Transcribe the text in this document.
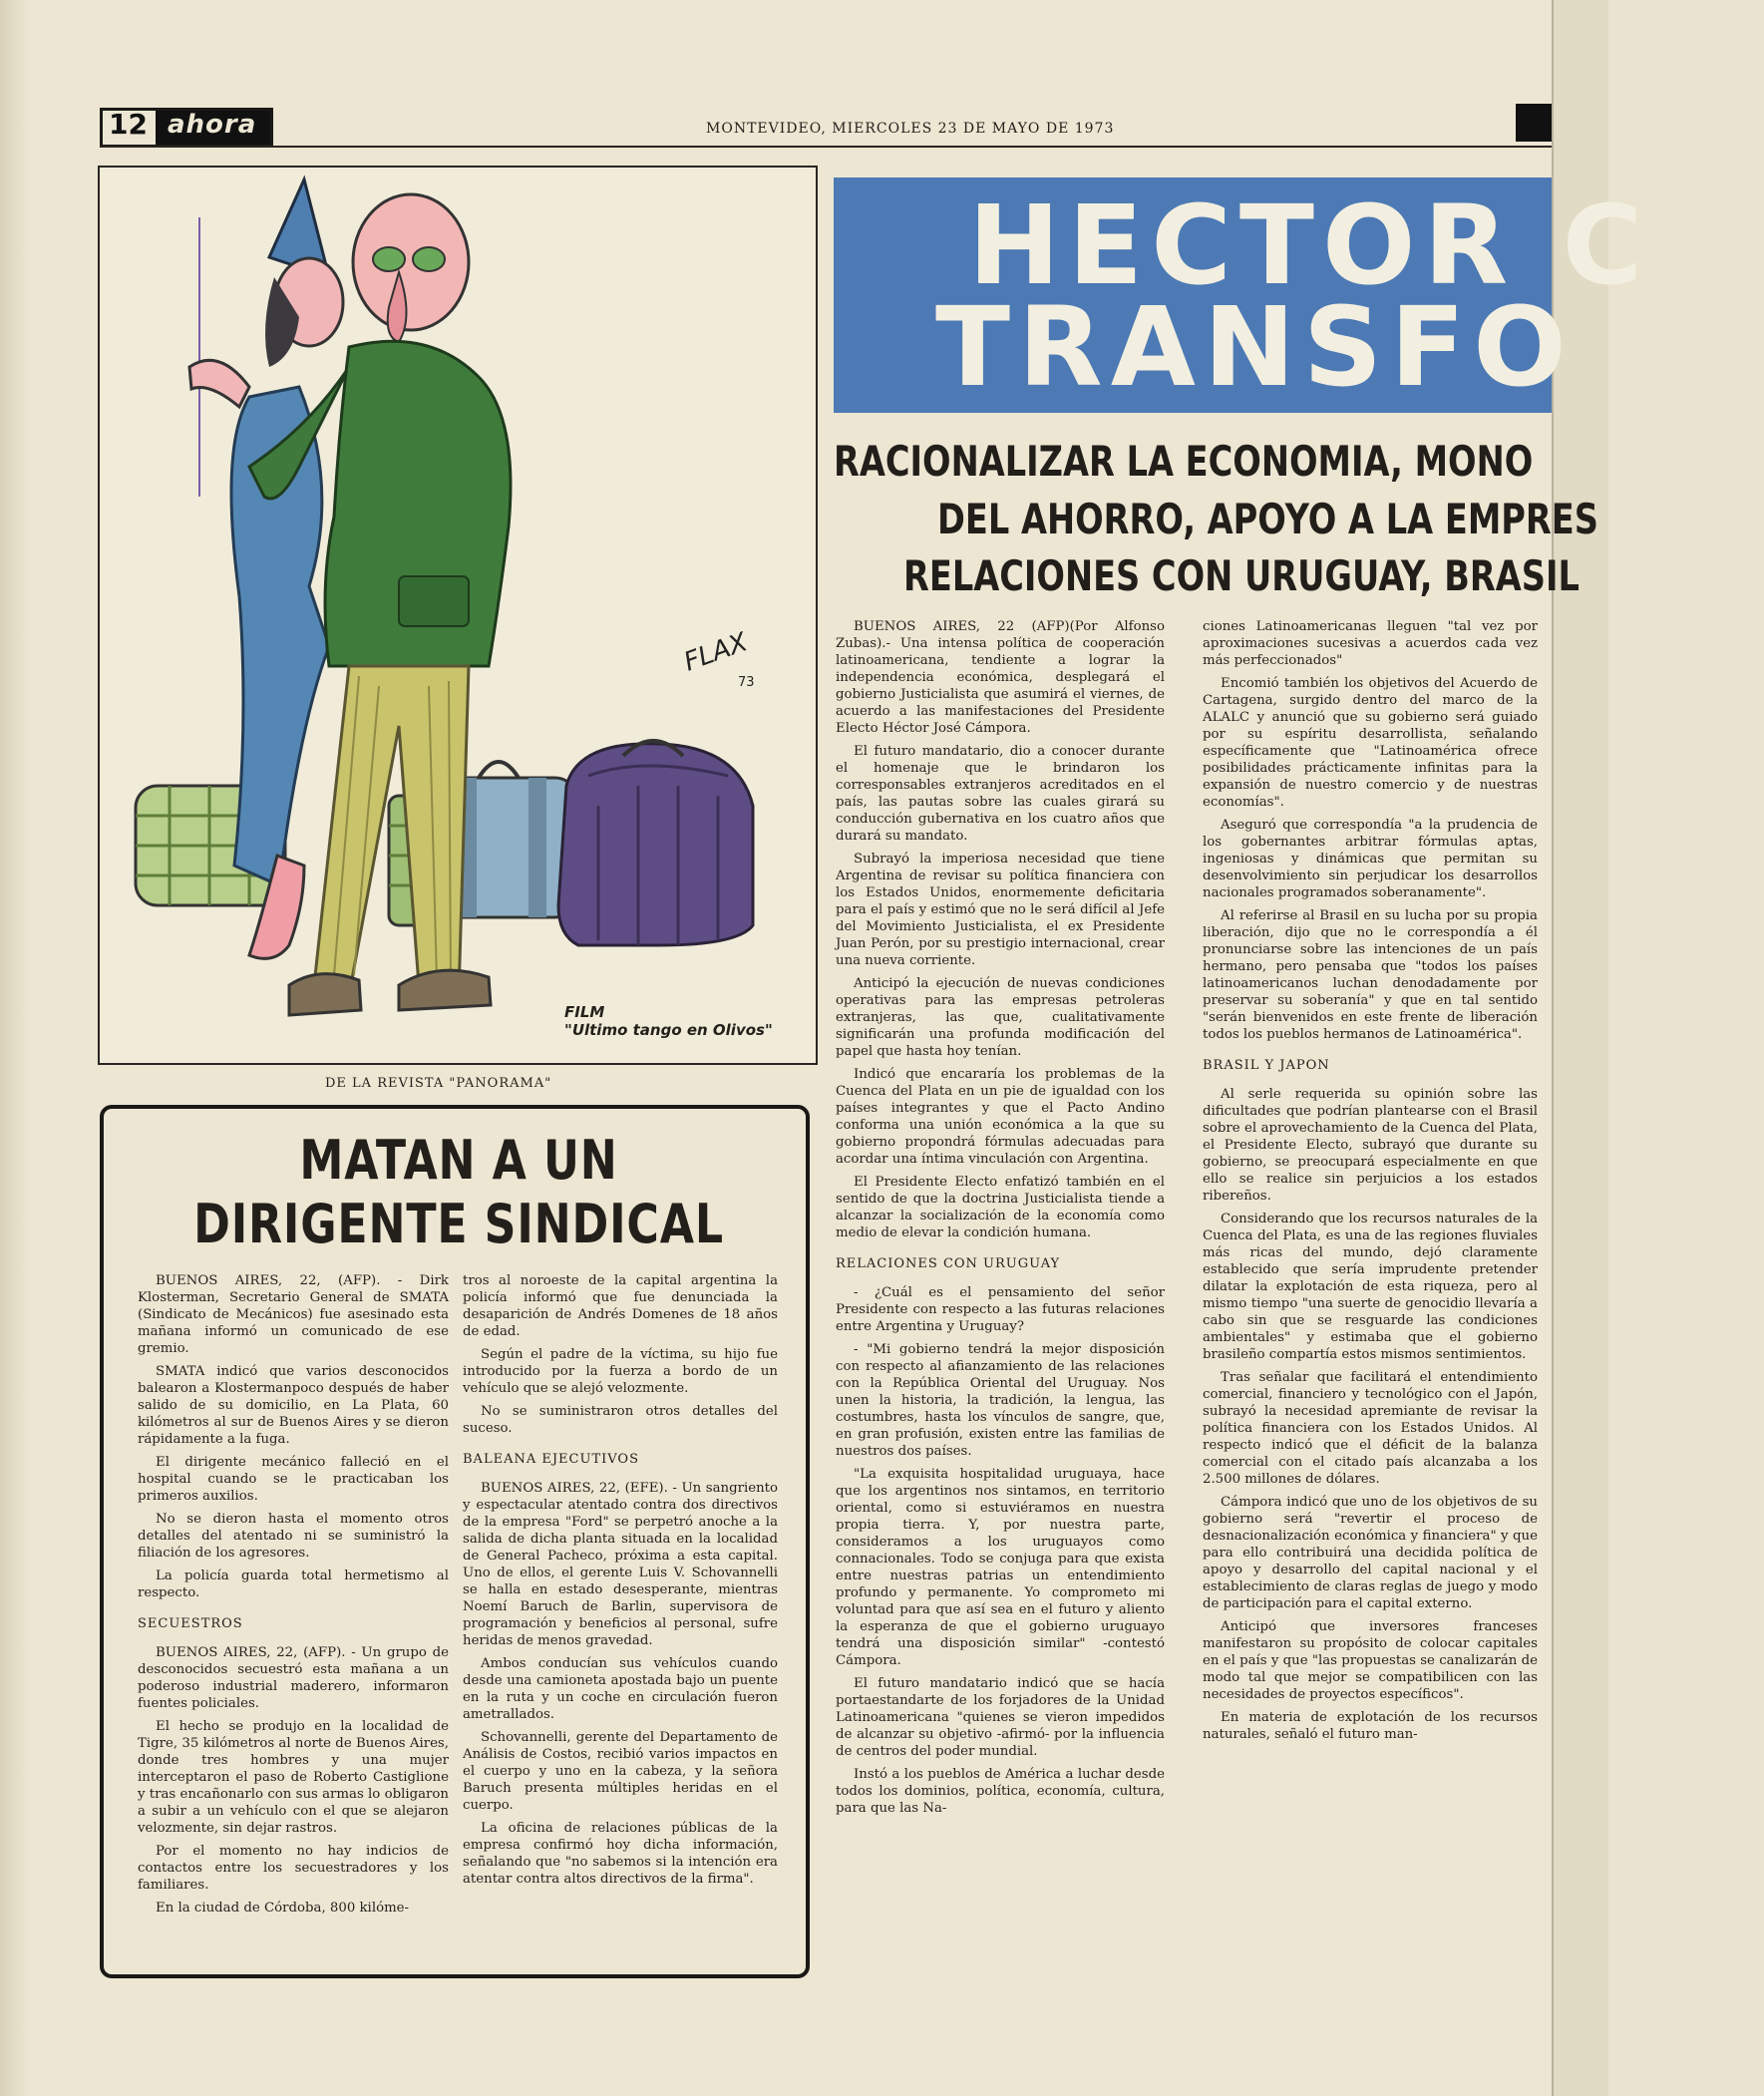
12 ahora	MONTEVIDEO, MIERCOLES 23 DE MAYO DE 1973
FLAX
73
FILM
"Ultimo tango en Olivos"
DE LA REVISTA "PANORAMA"
MATAN A UN
DIRIGENTE SINDICAL

BUENOS AIRES, 22, (AFP). - Dirk Klosterman, Secretario General de SMATA (Sindicato de Mecánicos) fue asesinado esta mañana informó un comunicado de ese gremio.

SMATA indicó que varios desconocidos balearon a Klostermanpoco después de haber salido de su domicilio, en La Plata, 60 kilómetros al sur de Buenos Aires y se dieron rápidamente a la fuga.

El dirigente mecánico falleció en el hospital cuando se le practicaban los primeros auxilios.

No se dieron hasta el momento otros detalles del atentado ni se suministró la filiación de los agresores.

La policía guarda total hermetismo al respecto.

SECUESTROS

BUENOS AIRES, 22, (AFP). - Un grupo de desconocidos secuestró esta mañana a un poderoso industrial maderero, informaron fuentes policiales.

El hecho se produjo en la localidad de Tigre, 35 kilómetros al norte de Buenos Aires, donde tres hombres y una mujer interceptaron el paso de Roberto Castiglione y tras encañonarlo con sus armas lo obligaron a subir a un vehículo con el que se alejaron velozmente, sin dejar rastros.

Por el momento no hay indicios de contactos entre los secuestradores y los familiares.

En la ciudad de Córdoba, 800 kilóme-

tros al noroeste de la capital argentina la policía informó que fue denunciada la desaparición de Andrés Domenes de 18 años de edad.

Según el padre de la víctima, su hijo fue introducido por la fuerza a bordo de un vehículo que se alejó velozmente.

No se suministraron otros detalles del suceso.

BALEANA EJECUTIVOS

BUENOS AIRES, 22, (EFE). - Un sangriento y espectacular atentado contra dos directivos de la empresa "Ford" se perpetró anoche a la salida de dicha planta situada en la localidad de General Pacheco, próxima a esta capital. Uno de ellos, el gerente Luis V. Schovannelli se halla en estado desesperante, mientras Noemí Baruch de Barlin, supervisora de programación y beneficios al personal, sufre heridas de menos gravedad.

Ambos conducían sus vehículos cuando desde una camioneta apostada bajo un puente en la ruta y un coche en circulación fueron ametrallados.

Schovannelli, gerente del Departamento de Análisis de Costos, recibió varios impactos en el cuerpo y uno en la cabeza, y la señora Baruch presenta múltiples heridas en el cuerpo.

La oficina de relaciones públicas de la empresa confirmó hoy dicha información, señalando que "no sabemos si la intención era atentar contra altos directivos de la firma".

HECTOR C
TRANSFO
RACIONALIZAR LA ECONOMIA, MONO
DEL AHORRO, APOYO A LA EMPRES
RELACIONES CON URUGUAY, BRASIL

BUENOS AIRES, 22 (AFP)(Por Alfonso Zubas).- Una intensa política de cooperación latinoamericana, tendiente a lograr la independencia económica, desplegará el gobierno Justicialista que asumirá el viernes, de acuerdo a las manifestaciones del Presidente Electo Héctor José Cámpora.

El futuro mandatario, dio a conocer durante el homenaje que le brindaron los corresponsables extranjeros acreditados en el país, las pautas sobre las cuales girará su conducción gubernativa en los cuatro años que durará su mandato.

Subrayó la imperiosa necesidad que tiene Argentina de revisar su política financiera con los Estados Unidos, enormemente deficitaria para el país y estimó que no le será difícil al Jefe del Movimiento Justicialista, el ex Presidente Juan Perón, por su prestigio internacional, crear una nueva corriente.

Anticipó la ejecución de nuevas condiciones operativas para las empresas petroleras extranjeras, las que, cualitativamente significarán una profunda modificación del papel que hasta hoy tenían.

Indicó que encararía los problemas de la Cuenca del Plata en un pie de igualdad con los países integrantes y que el Pacto Andino conforma una unión económica a la que su gobierno propondrá fórmulas adecuadas para acordar una íntima vinculación con Argentina.

El Presidente Electo enfatizó también en el sentido de que la doctrina Justicialista tiende a alcanzar la socialización de la economía como medio de elevar la condición humana.

RELACIONES CON URUGUAY

- ¿Cuál es el pensamiento del señor Presidente con respecto a las futuras relaciones entre Argentina y Uruguay?

- "Mi gobierno tendrá la mejor disposición con respecto al afianzamiento de las relaciones con la República Oriental del Uruguay. Nos unen la historia, la tradición, la lengua, las costumbres, hasta los vínculos de sangre, que, en gran profusión, existen entre las familias de nuestros dos países.

"La exquisita hospitalidad uruguaya, hace que los argentinos nos sintamos, en territorio oriental, como si estuviéramos en nuestra propia tierra. Y, por nuestra parte, consideramos a los uruguayos como connacionales. Todo se conjuga para que exista entre nuestras patrias un entendimiento profundo y permanente. Yo comprometo mi voluntad para que así sea en el futuro y aliento la esperanza de que el gobierno uruguayo tendrá una disposición similar" -contestó Cámpora.

El futuro mandatario indicó que se hacía portaestandarte de los forjadores de la Unidad Latinoamericana "quienes se vieron impedidos de alcanzar su objetivo -afirmó- por la influencia de centros del poder mundial.

Instó a los pueblos de América a luchar desde todos los dominios, política, economía, cultura, para que las Na-

ciones Latinoamericanas lleguen "tal vez por aproximaciones sucesivas a acuerdos cada vez más perfeccionados"

Encomió también los objetivos del Acuerdo de Cartagena, surgido dentro del marco de la ALALC y anunció que su gobierno será guiado por su espíritu desarrollista, señalando específicamente que "Latinoamérica ofrece posibilidades prácticamente infinitas para la expansión de nuestro comercio y de nuestras economías".

Aseguró que correspondía "a la prudencia de los gobernantes arbitrar fórmulas aptas, ingeniosas y dinámicas que permitan su desenvolvimiento sin perjudicar los desarrollos nacionales programados soberanamente".

Al referirse al Brasil en su lucha por su propia liberación, dijo que no le correspondía a él pronunciarse sobre las intenciones de un país hermano, pero pensaba que "todos los países latinoamericanos luchan denodadamente por preservar su soberanía" y que en tal sentido "serán bienvenidos en este frente de liberación todos los pueblos hermanos de Latinoamérica".

BRASIL Y JAPON

Al serle requerida su opinión sobre las dificultades que podrían plantearse con el Brasil sobre el aprovechamiento de la Cuenca del Plata, el Presidente Electo, subrayó que durante su gobierno, se preocupará especialmente en que ello se realice sin perjuicios a los estados ribereños.

Considerando que los recursos naturales de la Cuenca del Plata, es una de las regiones fluviales más ricas del mundo, dejó claramente establecido que sería imprudente pretender dilatar la explotación de esta riqueza, pero al mismo tiempo "una suerte de genocidio llevaría a cabo sin que se resguarde las condiciones ambientales" y estimaba que el gobierno brasileño compartía estos mismos sentimientos.

Tras señalar que facilitará el entendimiento comercial, financiero y tecnológico con el Japón, subrayó la necesidad apremiante de revisar la política financiera con los Estados Unidos. Al respecto indicó que el déficit de la balanza comercial con el citado país alcanzaba a los 2.500 millones de dólares.

Cámpora indicó que uno de los objetivos de su gobierno será "revertir el proceso de desnacionalización económica y financiera" y que para ello contribuirá una decidida política de apoyo y desarrollo del capital nacional y el establecimiento de claras reglas de juego y modo de participación para el capital externo.

Anticipó que inversores franceses manifestaron su propósito de colocar capitales en el país y que "las propuestas se canalizarán de modo tal que mejor se compatibilicen con las necesidades de proyectos específicos".

En materia de explotación de los recursos naturales, señaló el futuro man-
